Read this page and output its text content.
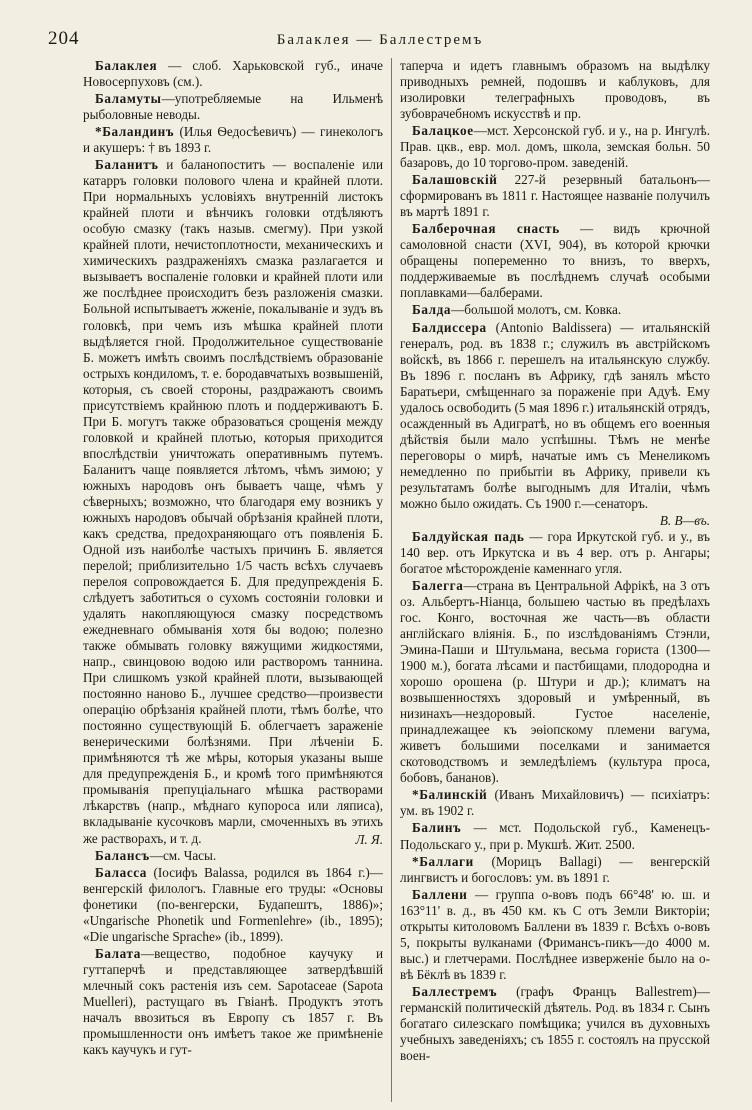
204	Балаклея — Баллестремъ

Балаклея — слоб. Харьковской губ., иначе Новосерпуховъ (см.).

Баламуты—употребляемые на Ильменѣ рыболовные неводы.

*Баландинъ (Илья Ѳедосѣевичъ) — гинекологъ и акушеръ: † въ 1893 г.

Баланитъ и баланопоститъ — воспаленіе или катарръ головки полового члена и крайней плоти. При нормальныхъ условіяхъ внутренній листокъ крайней плоти и вѣнчикъ головки отдѣляютъ особую смазку (такъ назыв. смегму). При узкой крайней плоти, нечистоплотности, механическихъ и химическихъ раздраженіяхъ смазка разлагается и вызываетъ воспаленіе головки и крайней плоти или же послѣднее происходитъ безъ разложенія смазки. Больной испытываетъ жженіе, покалываніе и зудъ въ головкѣ, при чемъ изъ мѣшка крайней плоти выдѣляется гной. Продолжительное существованіе Б. можетъ имѣть своимъ послѣдствіемъ образованіе острыхъ кондиломъ, т. е. бородавчатыхъ возвышеній, которыя, съ своей стороны, раздражаютъ своимъ присутствіемъ крайнюю плоть и поддерживаютъ Б. При Б. могутъ также образоваться срощенія между головкой и крайней плотью, которыя приходится впослѣдствіи уничтожать оперативнымъ путемъ. Баланитъ чаще появляется лѣтомъ, чѣмъ зимою; у южныхъ народовъ онъ бываетъ чаще, чѣмъ у сѣверныхъ; возможно, что благодаря ему возникъ у южныхъ народовъ обычай обрѣзанія крайней плоти, какъ средства, предохраняющаго отъ появленія Б. Одной изъ наиболѣе частыхъ причинъ Б. является перелой; приблизительно 1/5 часть всѣхъ случаевъ перелоя сопровождается Б. Для предупрежденія Б. слѣдуетъ заботиться о сухомъ состояніи головки и удалять накопляющуюся смазку посредствомъ ежедневнаго обмыванія хотя бы водою; полезно также обмывать головку вяжущими жидкостями, напр., свинцовою водою или растворомъ таннина. При слишкомъ узкой крайней плоти, вызывающей постоянно наново Б., лучшее средство—произвести операцію обрѣзанія крайней плоти, тѣмъ болѣе, что постоянно существующій Б. облегчаетъ зараженіе венерическими болѣзнями. При лѣченіи Б. примѣняются тѣ же мѣры, которыя указаны выше для предупрежденія Б., и кромѣ того примѣняются промыванія препуціальнаго мѣшка растворами лѣкарствъ (напр., мѣднаго купороса или ляписа), вкладываніе кусочковъ марли, смоченныхъ въ этихъ же растворахъ, и т. д.	Л. Я.

Балансъ—см. Часы.

Балacca (Іосифъ Balassa, родился въ 1864 г.)—венгерскій филологъ. Главные его труды: «Основы фонетики (по-венгерски, Будапештъ, 1886)»; «Ungarische Phonetik und Formenlehre» (ib., 1895); «Die ungarische Sprache» (ib., 1899).

Балата—вещество, подобное каучуку и гуттаперчѣ и представляющее затвердѣвшій млечный сокъ растенія изъ сем. Sapotaceae (Sapota Muelleri), растущаго въ Гвіанѣ. Продуктъ этотъ началъ ввозиться въ Европу съ 1857 г. Въ промышленности онъ имѣетъ такое же примѣненіе какъ каучукъ и гут-

таперча и идетъ главнымъ образомъ на выдѣлку приводныхъ ремней, подошвъ и каблуковъ, для изолировки телеграфныхъ проводовъ, въ зубоврачебномъ искусствѣ и пр.

Балацкое—мст. Херсонской губ. и у., на р. Ингулѣ. Прав. цкв., евр. мол. домъ, школа, земская больн. 50 базаровъ, до 10 торгово-пром. заведеній.

Балашовскій 227-й резервный батальонъ—сформированъ въ 1811 г. Настоящее названіе получилъ въ мартѣ 1891 г.

Балберочная снасть — видъ крючной самоловной снасти (XVI, 904), въ которой крючки обращены попеременно то внизъ, то вверхъ, поддерживаемые въ послѣднемъ случаѣ особыми поплавками—балберами.

Балда—большой молотъ, см. Ковка.

Балдиссера (Antonio Baldissera) — итальянскій генералъ, род. въ 1838 г.; служилъ въ австрійскомъ войскѣ, въ 1866 г. перешелъ на итальянскую службу. Въ 1896 г. посланъ въ Африку, гдѣ занялъ мѣсто Баратьери, смѣщеннаго за пораженіе при Адуѣ. Ему удалось освободить (5 мая 1896 г.) итальянскій отрядъ, осажденный въ Адигратѣ, но въ общемъ его военныя дѣйствія были мало успѣшны. Тѣмъ не менѣе переговоры о мирѣ, начатые имъ съ Менеликомъ немедленно по прибытіи въ Африку, привели къ результатамъ болѣе выгоднымъ для Италіи, чѣмъ можно было ожидать. Съ 1900 г.—сенаторъ.

В. В—въ.

Балдуйская падь — гора Иркутской губ. и у., въ 140 вер. отъ Иркутска и въ 4 вер. отъ р. Ангары; богатое мѣсторожденіе каменнаго угля.

Балегга—страна въ Центральной Афрікѣ, на 3 отъ оз. Альбертъ-Ніанца, большею частью въ предѣлахъ гос. Конго, восточная же часть—въ области англійскаго вліянія. Б., по изслѣдованіямъ Стэнли, Эмина-Паши и Штульмана, весьма гориста (1300—1900 м.), богата лѣсами и пастбищами, плодородна и хорошо орошена (р. Штури и др.); климатъ на возвышенностяхъ здоровый и умѣренный, въ низинахъ—нездоровый. Густое населеніе, принадлежащее къ эѳіопскому племени вагума, живетъ большими поселками и занимается скотоводствомъ и земледѣліемъ (культура проса, бобовъ, бананов).

*Балинскій (Иванъ Михайловичъ) — психіатръ: ум. въ 1902 г.

Балинъ — мст. Подольской губ., Каменецъ-Подольскаго у., при р. Мукшѣ. Жит. 2500.

*Баллаги (Морицъ Ballagi) — венгерскій лингвистъ и богословъ: ум. въ 1891 г.

Баллени — группа о-вовъ подъ 66°48' ю. ш. и 163°11' в. д., въ 450 км. къ С отъ Земли Викторіи; открыты китоловомъ Баллени въ 1839 г. Всѣхъ о-вовъ 5, покрыты вулканами (Фримансъ-пикъ—до 4000 м. выс.) и глетчерами. Послѣднее изверженіе было на о-вѣ Бёклѣ въ 1839 г.

Баллестремъ (графъ Францъ Ballestrem)—германскій политическій дѣятель. Род. въ 1834 г. Сынъ богатаго силезскаго помѣщика; учился въ духовныхъ учебныхъ заведеніяхъ; съ 1855 г. состоялъ на прусской воен-
